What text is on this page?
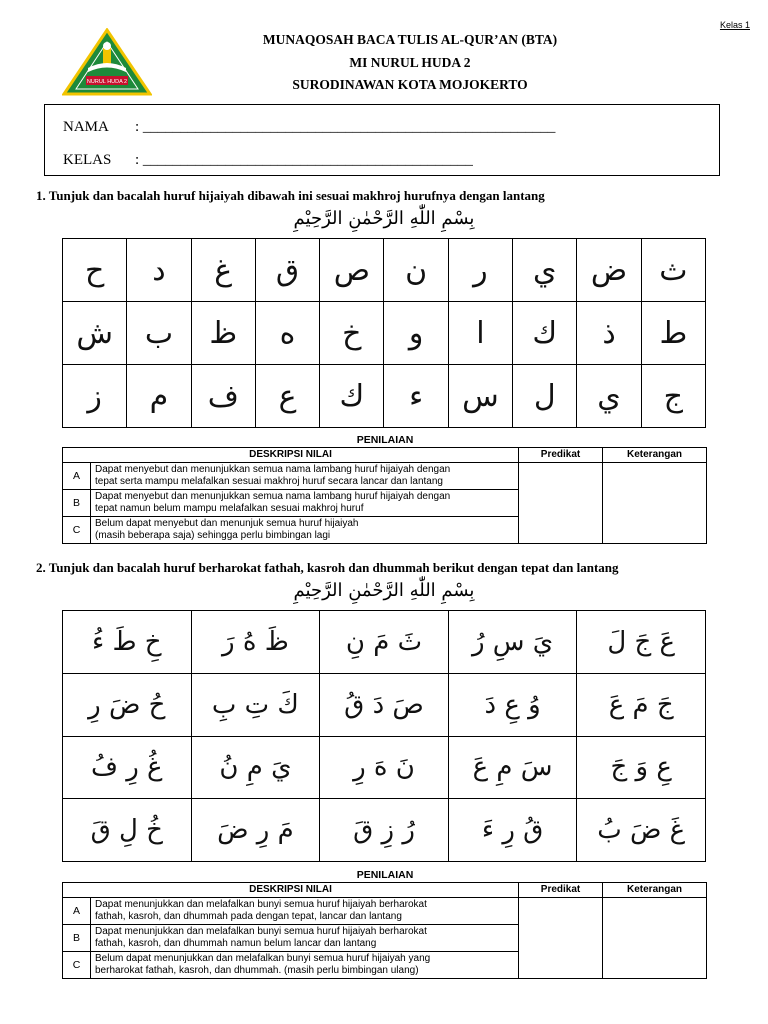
Kelas 1
NURUL HUDA 2
MUNAQOSAH BACA TULIS AL-QUR’AN (BTA)
MI NURUL HUDA 2
SURODINAWAN KOTA MOJOKERTO
NAMA : _______________________________________________________
KELAS : ____________________________________________
1. Tunjuk dan bacalah huruf hijaiyah dibawah ini sesuai makhroj hurufnya dengan lantang
بِسْمِ اللّٰهِ الرَّحْمٰنِ الرَّحِيْمِ
ح	د	غ	ق	ص	ن	ر	ي	ض	ث
ش	ب	ظ	ه	خ	و	ا	ك	ذ	ط
ز	م	ف	ع	ك	ء	س	ل	ي	ج
PENILAIAN
DESKRIPSI NILAI		Predikat	Keterangan
A	Dapat menyebut dan menunjukkan semua nama lambang huruf hijaiyah dengan
tepat serta mampu melafalkan sesuai makhroj huruf secara lancar dan lantang		

B	Dapat menyebut dan menunjukkan semua nama lambang huruf hijaiyah dengan
tepat namun belum mampu melafalkan sesuai makhroj huruf		

C	Belum dapat menyebut dan menunjuk semua huruf hijaiyah
(masih beberapa saja) sehingga perlu bimbingan lagi		
2. Tunjuk dan bacalah huruf berharokat fathah, kasroh dan dhummah berikut dengan tepat dan lantang
بِسْمِ اللّٰهِ الرَّحْمٰنِ الرَّحِيْمِ
خِ طَ ءُ	ظَ هُ رَ	ثَ مَ نِ	يَ سِ رُ	عَ جَ لَ
حُ ضَ رِ	كَ تِ بِ	صَ دَ قُ	وُ عِ دَ	جَ مَ عَ
غُ رِ فُ	يَ مِ نُ	نَ هَ رِ	سَ مِ عَ	عِ وَ جَ
خُ لِ قَ	مَ رِ ضَ	رُ زِ قَ	قُ رِ ءَ	غَ ضَ بُ
PENILAIAN
DESKRIPSI NILAI		Predikat	Keterangan
A	Dapat menunjukkan dan melafalkan bunyi semua huruf hijaiyah berharokat
fathah, kasroh, dan dhummah pada dengan tepat, lancar dan lantang		

B	Dapat menunjukkan dan melafalkan bunyi semua huruf hijaiyah berharokat
fathah, kasroh, dan dhummah namun belum lancar dan lantang		

C	Belum dapat menunjukkan dan melafalkan bunyi semua huruf hijaiyah yang
berharokat fathah, kasroh, dan dhummah. (masih perlu bimbingan ulang)		
